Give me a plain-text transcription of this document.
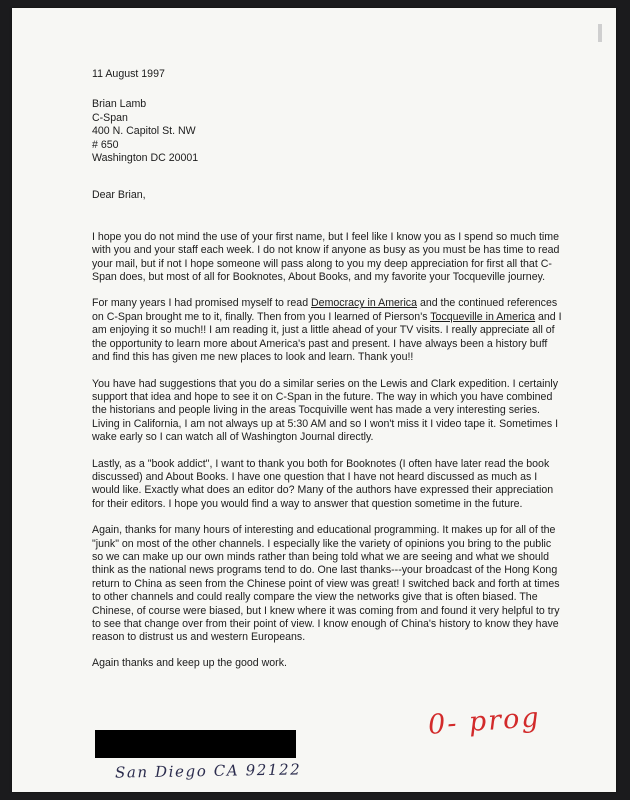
11 August 1997

Brian Lamb
C-Span
400 N. Capitol St. NW
# 650
Washington DC 20001

Dear Brian,

I hope you do not mind the use of your first name, but I feel like I know you as I spend so much time with you and your staff each week. I do not know if anyone as busy as you must be has time to read your mail, but if not I hope someone will pass along to you my deep appreciation for first all that C-Span does, but most of all for Booknotes, About Books, and my favorite your Tocqueville journey.

For many years I had promised myself to read Democracy in America and the continued references on C-Span brought me to it, finally. Then from you I learned of Pierson's Tocqueville in America and I am enjoying it so much!! I am reading it, just a little ahead of your TV visits. I really appreciate all of the opportunity to learn more about America's past and present. I have always been a history buff and find this has given me new places to look and learn. Thank you!!

You have had suggestions that you do a similar series on the Lewis and Clark expedition. I certainly support that idea and hope to see it on C-Span in the future. The way in which you have combined the historians and people living in the areas Tocquiville went has made a very interesting series. Living in California, I am not always up at 5:30 AM and so I won't miss it I video tape it. Sometimes I wake early so I can watch all of Washington Journal directly.

Lastly, as a "book addict", I want to thank you both for Booknotes (I often have later read the book discussed) and About Books. I have one question that I have not heard discussed as much as I would like. Exactly what does an editor do? Many of the authors have expressed their appreciation for their editors. I hope you would find a way to answer that question sometime in the future.

Again, thanks for many hours of interesting and educational programming. It makes up for all of the "junk" on most of the other channels. I especially like the variety of opinions you bring to the public so we can make up our own minds rather than being told what we are seeing and what we should think as the national news programs tend to do. One last thanks---your broadcast of the Hong Kong return to China as seen from the Chinese point of view was great! I switched back and forth at times to other channels and could really compare the view the networks give that is often biased. The Chinese, of course were biased, but I knew where it was coming from and found it very helpful to try to see that change over from their point of view. I know enough of China's history to know they have reason to distrust us and western Europeans.

Again thanks and keep up the good work.

San Diego CA 92122
0- prog
